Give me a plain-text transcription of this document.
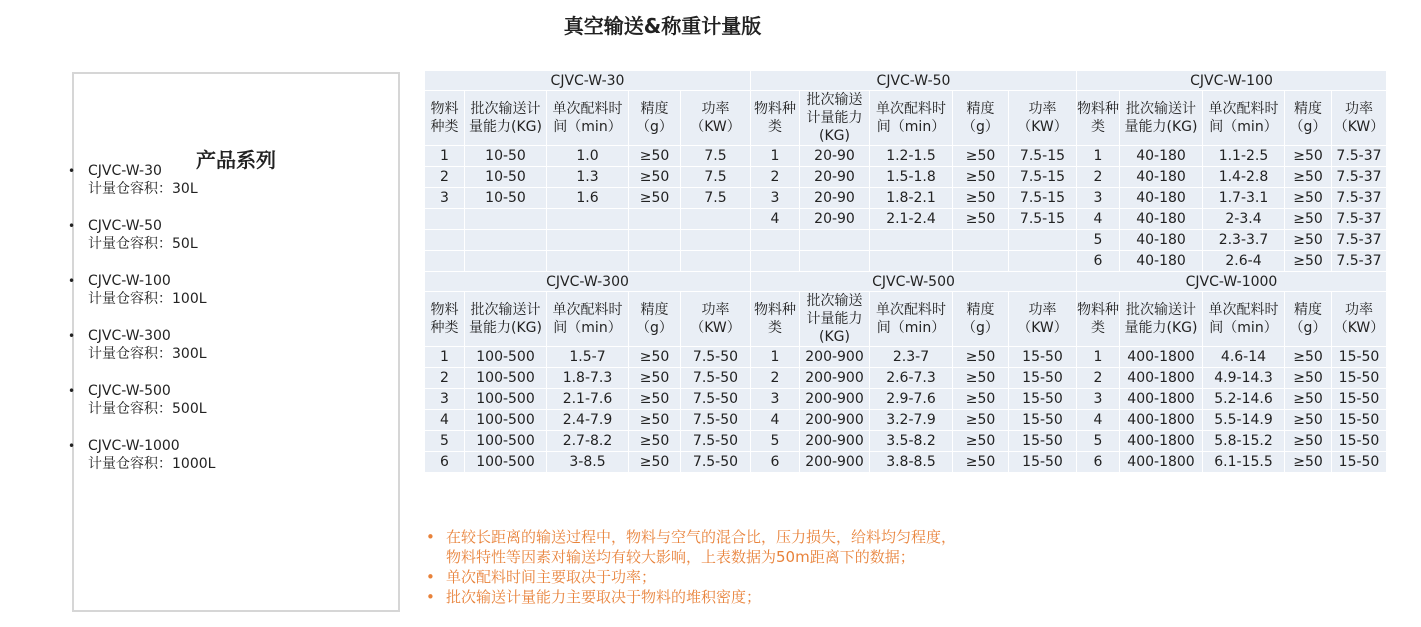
真空输送&称重计量版
产品系列
• CJVC-W-30
计量仓容积：30L
• CJVC-W-50
计量仓容积：50L
• CJVC-W-100
计量仓容积：100L
• CJVC-W-300
计量仓容积：300L
• CJVC-W-500
计量仓容积：500L
• CJVC-W-1000
计量仓容积：1000L
CJVC-W-30					CJVC-W-50					CJVC-W-100				
物料种类	批次输送计量能力(KG)	单次配料时间（min）	精度（g）	功率（KW）	物料种类	批次输送计量能力(KG)	单次配料时间（min）	精度（g）	功率（KW）	物料种类	批次输送计量能力(KG)	单次配料时间（min）	精度（g）	功率（KW）
1	10-50	1.0	≥50	7.5	1	20-90	1.2-1.5	≥50	7.5-15	1	40-180	1.1-2.5	≥50	7.5-37
2	10-50	1.3	≥50	7.5	2	20-90	1.5-1.8	≥50	7.5-15	2	40-180	1.4-2.8	≥50	7.5-37
3	10-50	1.6	≥50	7.5	3	20-90	1.8-2.1	≥50	7.5-15	3	40-180	1.7-3.1	≥50	7.5-37
					4	20-90	2.1-2.4	≥50	7.5-15	4	40-180	2-3.4	≥50	7.5-37
										5	40-180	2.3-3.7	≥50	7.5-37
										6	40-180	2.6-4	≥50	7.5-37
CJVC-W-300					CJVC-W-500					CJVC-W-1000				
物料种类	批次输送计量能力(KG)	单次配料时间（min）	精度（g）	功率（KW）	物料种类	批次输送计量能力(KG)	单次配料时间（min）	精度（g）	功率（KW）	物料种类	批次输送计量能力(KG)	单次配料时间（min）	精度（g）	功率（KW）
1	100-500	1.5-7	≥50	7.5-50	1	200-900	2.3-7	≥50	15-50	1	400-1800	4.6-14	≥50	15-50
2	100-500	1.8-7.3	≥50	7.5-50	2	200-900	2.6-7.3	≥50	15-50	2	400-1800	4.9-14.3	≥50	15-50
3	100-500	2.1-7.6	≥50	7.5-50	3	200-900	2.9-7.6	≥50	15-50	3	400-1800	5.2-14.6	≥50	15-50
4	100-500	2.4-7.9	≥50	7.5-50	4	200-900	3.2-7.9	≥50	15-50	4	400-1800	5.5-14.9	≥50	15-50
5	100-500	2.7-8.2	≥50	7.5-50	5	200-900	3.5-8.2	≥50	15-50	5	400-1800	5.8-15.2	≥50	15-50
6	100-500	3-8.5	≥50	7.5-50	6	200-900	3.8-8.5	≥50	15-50	6	400-1800	6.1-15.5	≥50	15-50
• 在较长距离的输送过程中，物料与空气的混合比，压力损失，给料均匀程度，
物料特性等因素对输送均有较大影响，上表数据为50m距离下的数据；
• 单次配料时间主要取决于功率；
• 批次输送计量能力主要取决于物料的堆积密度；
